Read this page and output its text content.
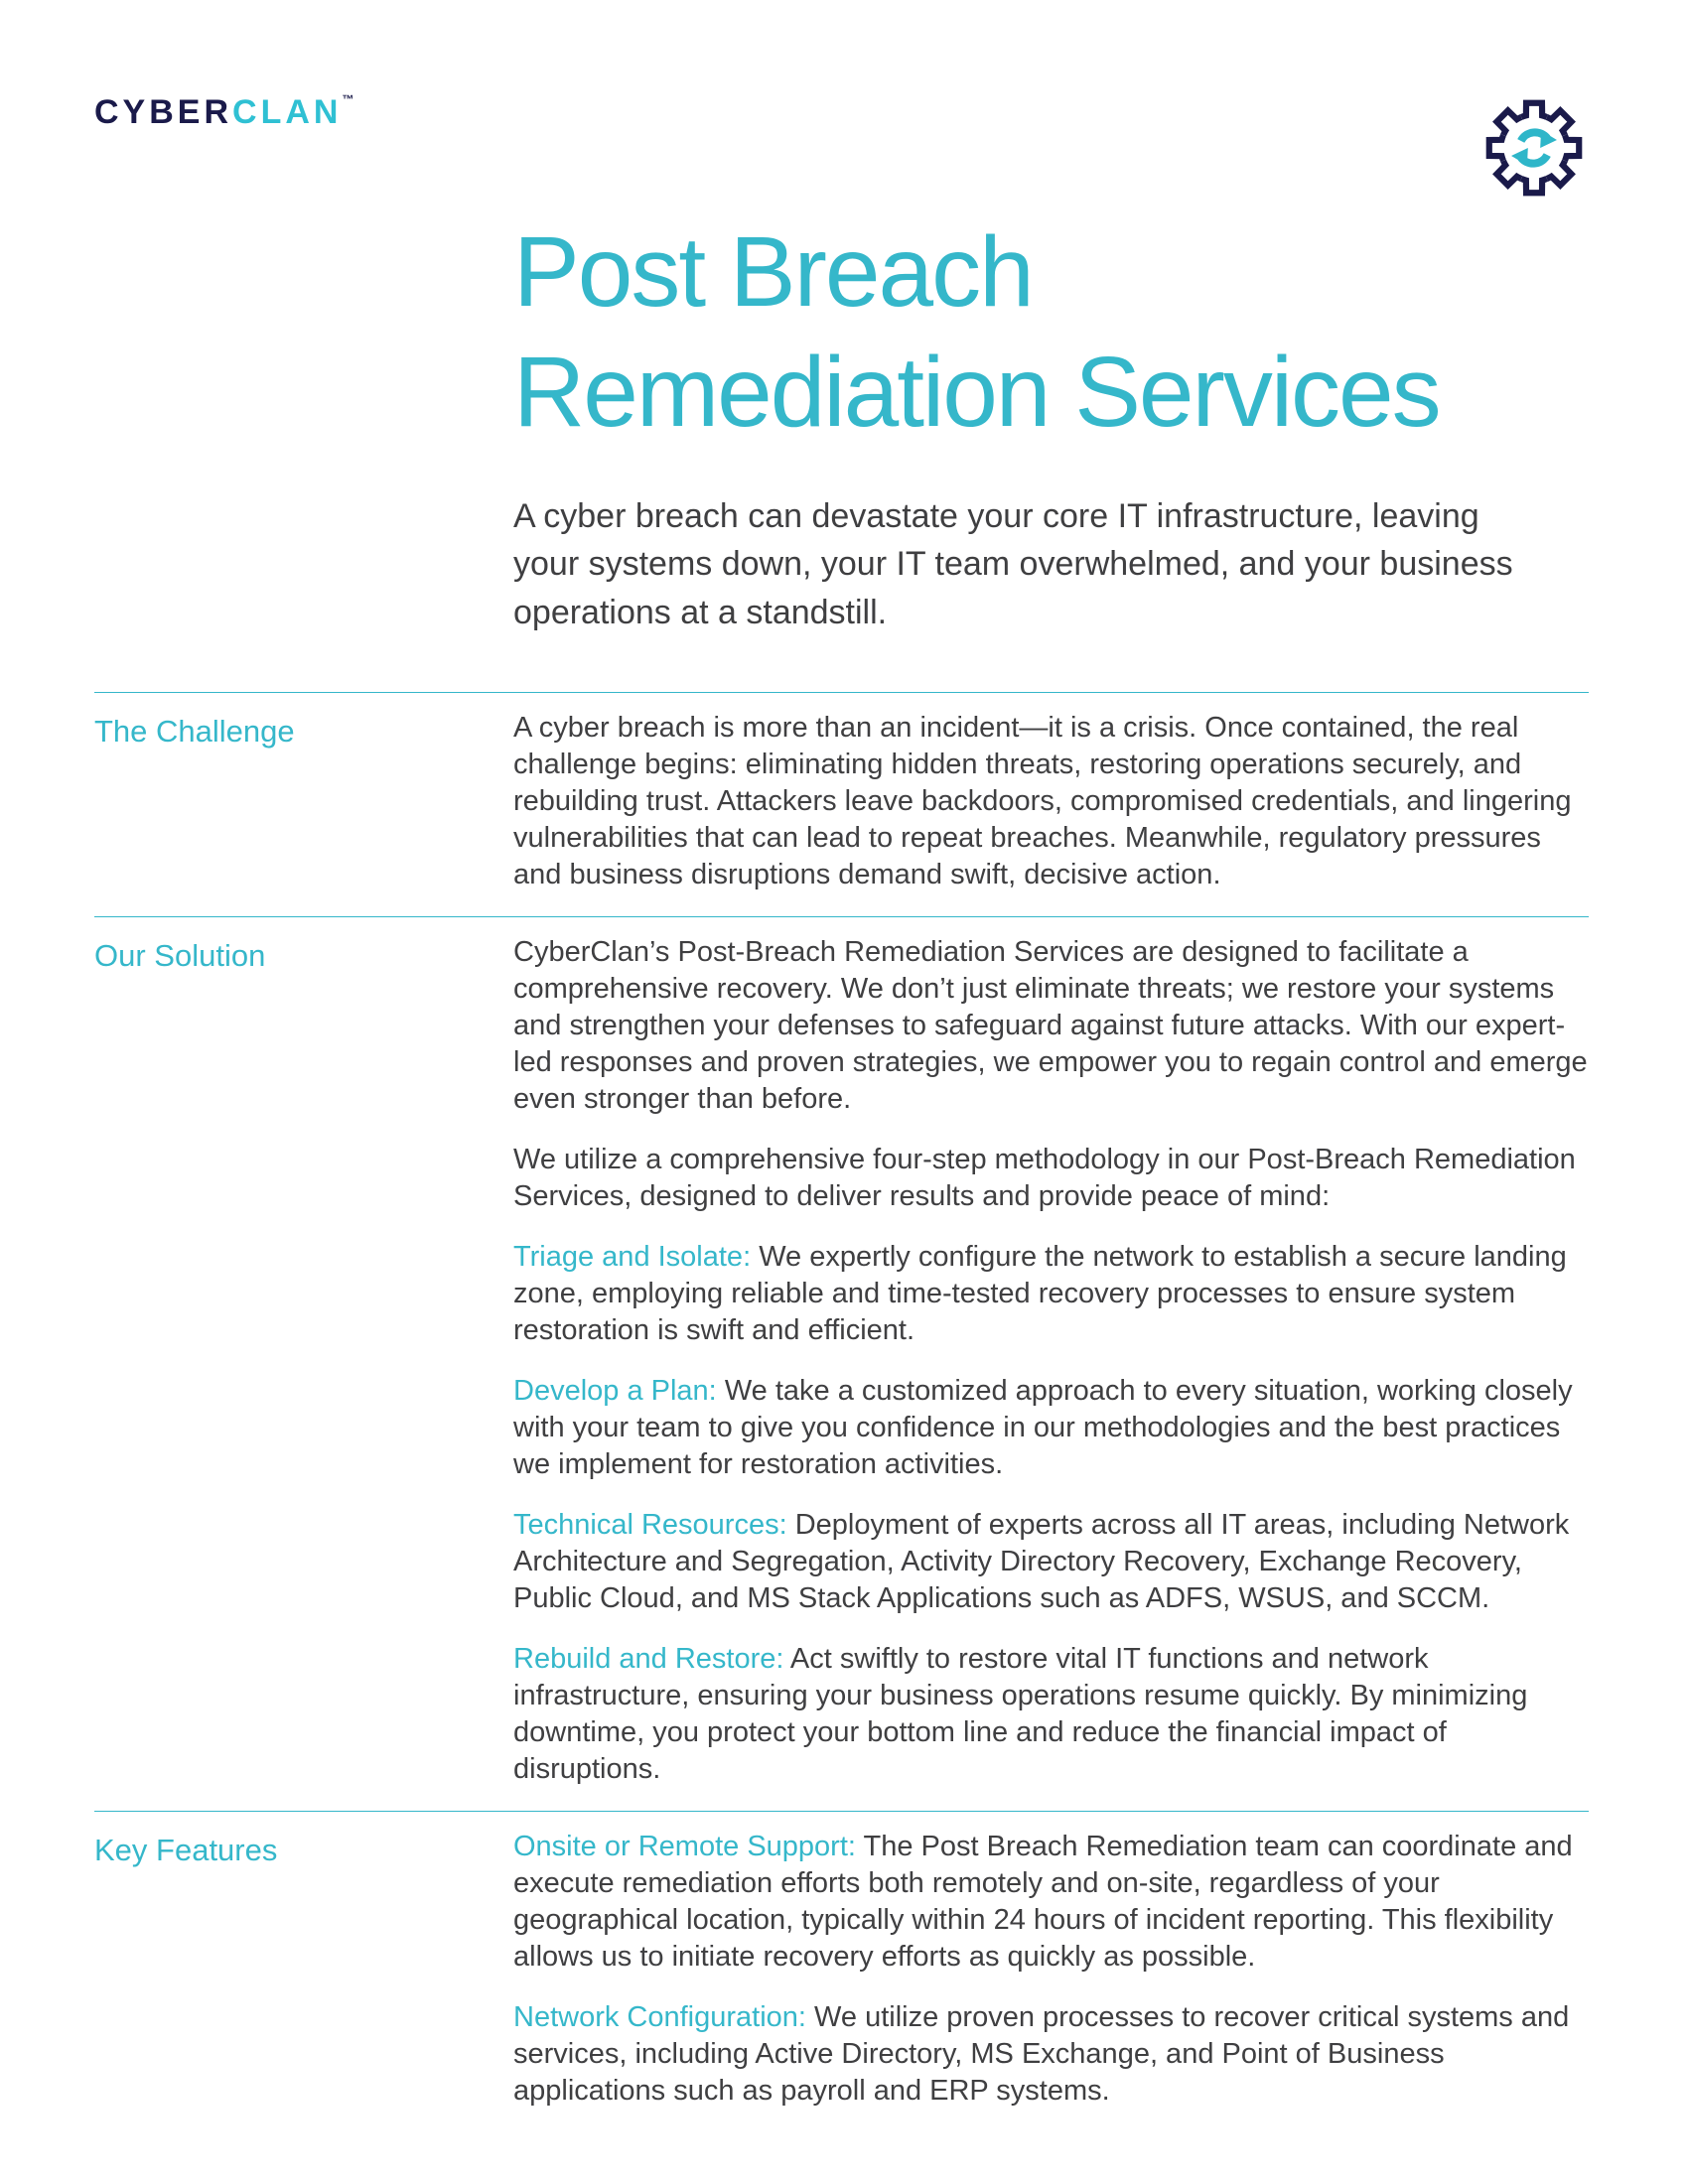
CYBERCLAN™
Post Breach
Remediation Services

A cyber breach can devastate your core IT infrastructure, leaving your systems down, your IT team overwhelmed, and your business operations at a standstill.

The Challenge	A cyber breach is more than an incident—it is a crisis. Once contained, the real challenge begins: eliminating hidden threats, restoring operations securely, and rebuilding trust. Attackers leave backdoors, compromised credentials, and lingering vulnerabilities that can lead to repeat breaches. Meanwhile, regulatory pressures and business disruptions demand swift, decisive action.

Our Solution	CyberClan’s Post-Breach Remediation Services are designed to facilitate a comprehensive recovery. We don’t just eliminate threats; we restore your systems and strengthen your defenses to safeguard against future attacks. With our expert-led responses and proven strategies, we empower you to regain control and emerge even stronger than before.

We utilize a comprehensive four-step methodology in our Post-Breach Remediation Services, designed to deliver results and provide peace of mind:

Triage and Isolate: We expertly configure the network to establish a secure landing zone, employing reliable and time-tested recovery processes to ensure system restoration is swift and efficient.

Develop a Plan: We take a customized approach to every situation, working closely with your team to give you confidence in our methodologies and the best practices we implement for restoration activities.

Technical Resources: Deployment of experts across all IT areas, including Network Architecture and Segregation, Activity Directory Recovery, Exchange Recovery, Public Cloud, and MS Stack Applications such as ADFS, WSUS, and SCCM.

Rebuild and Restore: Act swiftly to restore vital IT functions and network infrastructure, ensuring your business operations resume quickly. By minimizing downtime, you protect your bottom line and reduce the financial impact of disruptions.

Key Features	Onsite or Remote Support: The Post Breach Remediation team can coordinate and execute remediation efforts both remotely and on-site, regardless of your geographical location, typically within 24 hours of incident reporting. This flexibility allows us to initiate recovery efforts as quickly as possible.

Network Configuration: We utilize proven processes to recover critical systems and services, including Active Directory, MS Exchange, and Point of Business applications such as payroll and ERP systems.
